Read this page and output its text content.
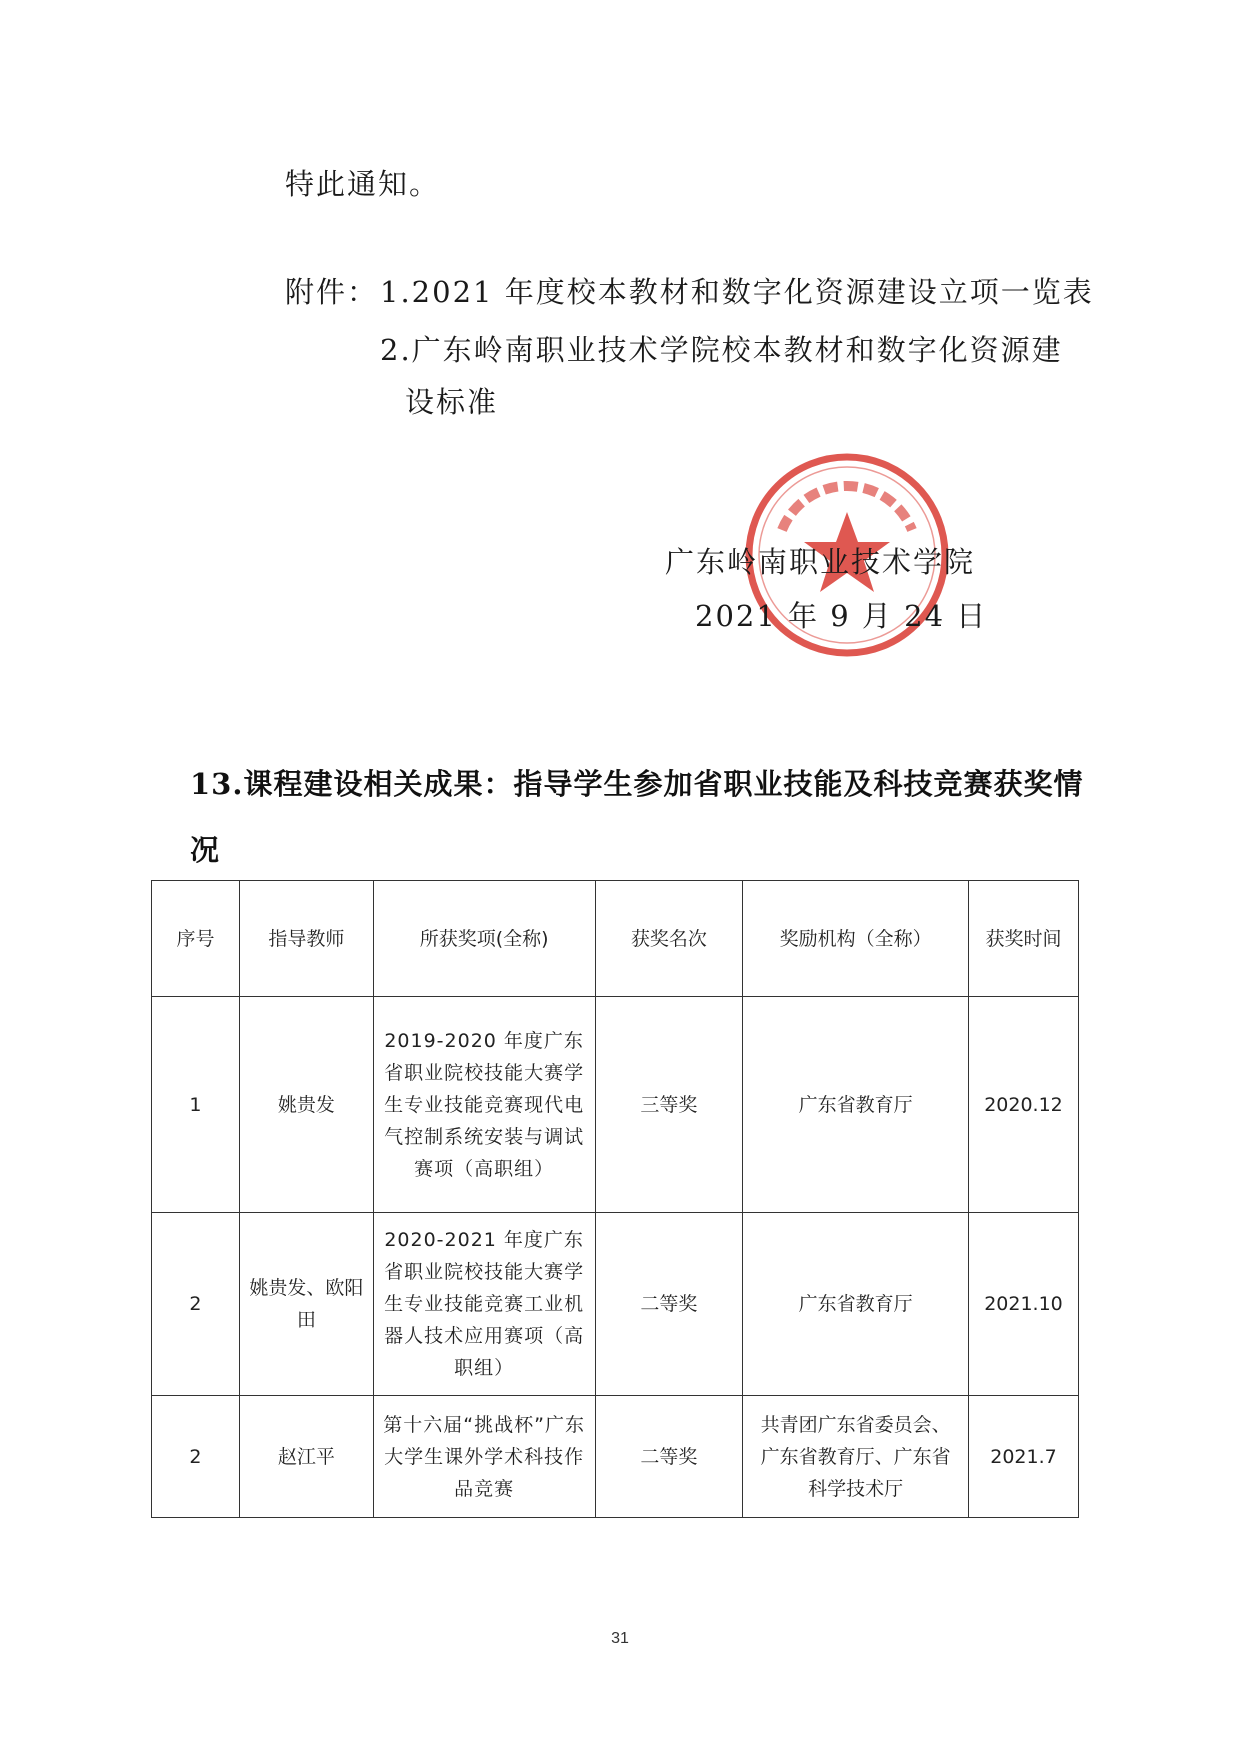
特此通知。
附件： 1.2021 年度校本教材和数字化资源建设立项一览表
2.广东岭南职业技术学院校本教材和数字化资源建
设标准
广东岭南职业技术学院
2021 年 9 月 24 日
13.课程建设相关成果：指导学生参加省职业技能及科技竞赛获奖情
况
序号	指导教师	所获奖项(全称)	获奖名次	奖励机构（全称）	获奖时间
1	姚贵发	2019-2020 年度广东省职业院校技能大赛学生专业技能竞赛现代电气控制系统安装与调试赛项（高职组）	三等奖	广东省教育厅	2020.12
2	姚贵发、欧阳田	2020-2021 年度广东省职业院校技能大赛学生专业技能竞赛工业机器人技术应用赛项（高职组）	二等奖	广东省教育厅	2021.10
2	赵江平	第十六届“挑战杯”广东大学生课外学术科技作品竞赛	二等奖	共青团广东省委员会、广东省教育厅、广东省科学技术厅	2021.7
31
